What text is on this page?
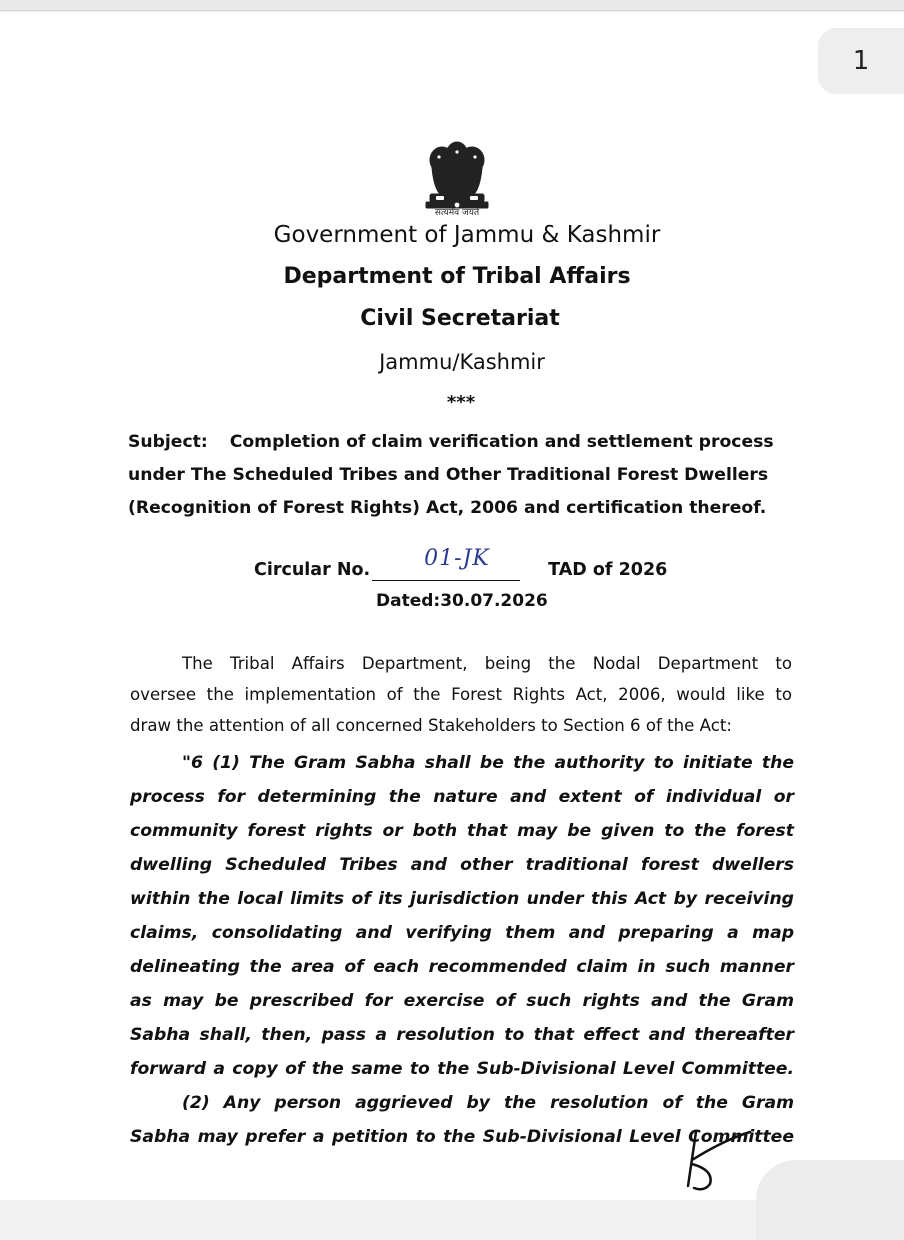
1
सत्यमेव जयते
Government of Jammu & Kashmir
Department of Tribal Affairs
Civil Secretariat
Jammu/Kashmir
***
Subject: Completion of claim verification and settlement process
under The Scheduled Tribes and Other Traditional Forest Dwellers
(Recognition of Forest Rights) Act, 2006 and certification thereof.
Circular No. 01-JK	TAD of 2026
Dated:30.07.2026
The Tribal Affairs Department, being the Nodal Department to
oversee the implementation of the Forest Rights Act, 2006, would like to
draw the attention of all concerned Stakeholders to Section 6 of the Act:
"6 (1) The Gram Sabha shall be the authority to initiate the
process for determining the nature and extent of individual or
community forest rights or both that may be given to the forest
dwelling Scheduled Tribes and other traditional forest dwellers
within the local limits of its jurisdiction under this Act by receiving
claims, consolidating and verifying them and preparing a map
delineating the area of each recommended claim in such manner
as may be prescribed for exercise of such rights and the Gram
Sabha shall, then, pass a resolution to that effect and thereafter
forward a copy of the same to the Sub-Divisional Level Committee.
(2) Any person aggrieved by the resolution of the Gram
Sabha may prefer a petition to the Sub-Divisional Level Committee
